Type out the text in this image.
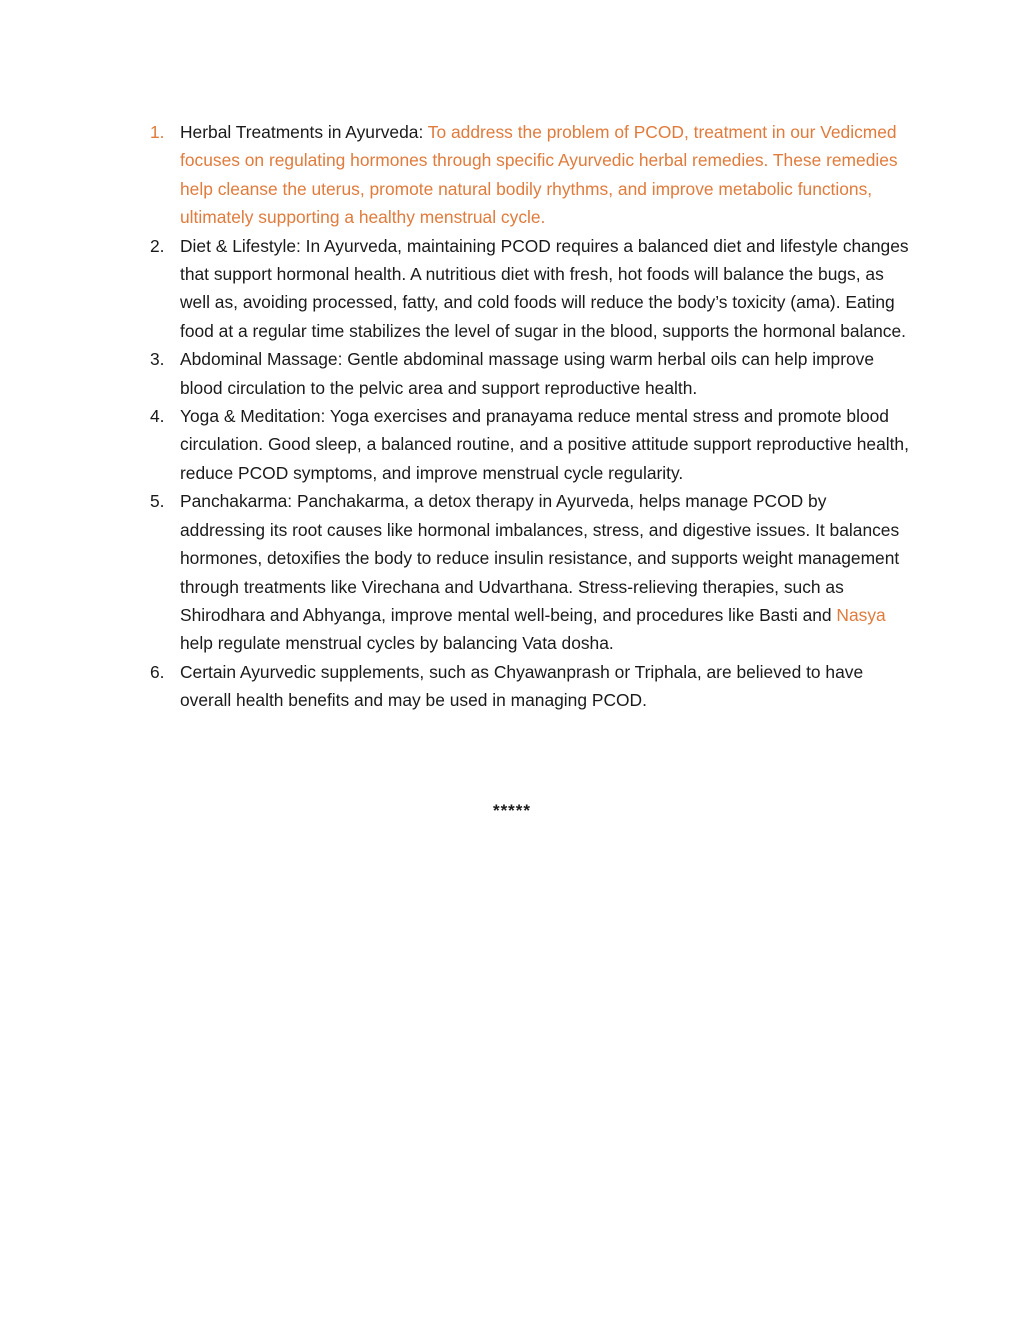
1. Herbal Treatments in Ayurveda: To address the problem of PCOD, treatment in our Vedicmed focuses on regulating hormones through specific Ayurvedic herbal remedies. These remedies help cleanse the uterus, promote natural bodily rhythms, and improve metabolic functions, ultimately supporting a healthy menstrual cycle.
2. Diet & Lifestyle: In Ayurveda, maintaining PCOD requires a balanced diet and lifestyle changes that support hormonal health. A nutritious diet with fresh, hot foods will balance the bugs, as well as, avoiding processed, fatty, and cold foods will reduce the body’s toxicity (ama). Eating food at a regular time stabilizes the level of sugar in the blood, supports the hormonal balance.
3. Abdominal Massage: Gentle abdominal massage using warm herbal oils can help improve blood circulation to the pelvic area and support reproductive health.
4. Yoga & Meditation: Yoga exercises and pranayama reduce mental stress and promote blood circulation. Good sleep, a balanced routine, and a positive attitude support reproductive health, reduce PCOD symptoms, and improve menstrual cycle regularity.
5. Panchakarma: Panchakarma, a detox therapy in Ayurveda, helps manage PCOD by addressing its root causes like hormonal imbalances, stress, and digestive issues. It balances hormones, detoxifies the body to reduce insulin resistance, and supports weight management through treatments like Virechana and Udvarthana. Stress-relieving therapies, such as Shirodhara and Abhyanga, improve mental well-being, and procedures like Basti and Nasya help regulate menstrual cycles by balancing Vata dosha.
6. Certain Ayurvedic supplements, such as Chyawanprash or Triphala, are believed to have overall health benefits and may be used in managing PCOD.
*****
